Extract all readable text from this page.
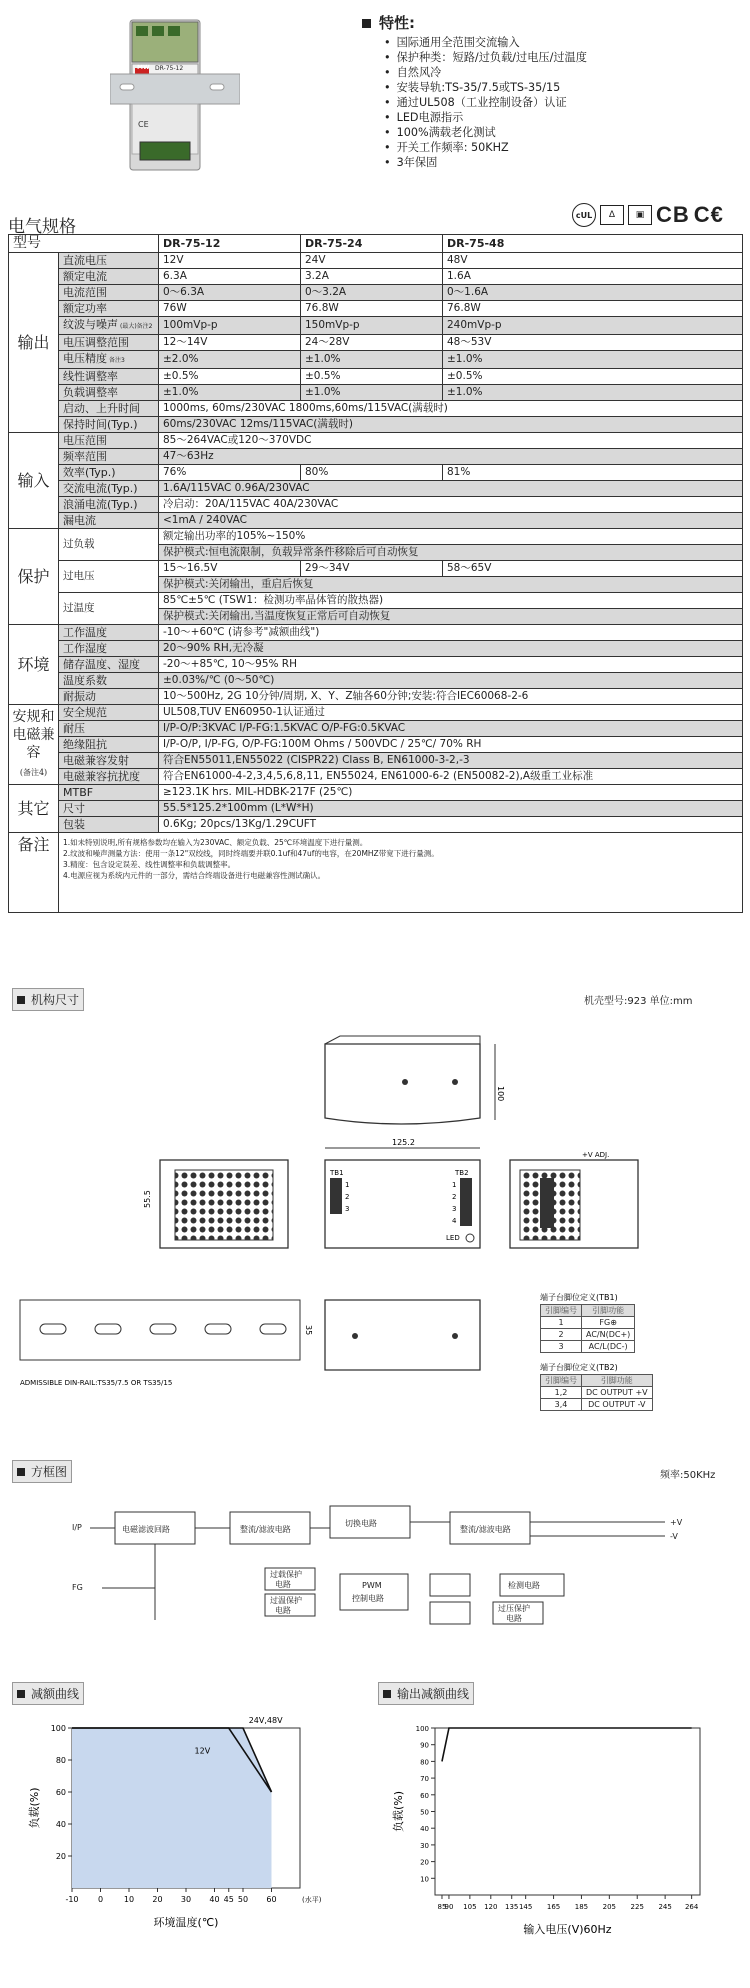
CE
MW DR-75-12
特性:
• 国际通用全范围交流输入
• 保护种类：短路/过负载/过电压/过温度
• 自然风冷
• 安装导轨:TS-35/7.5或TS-35/15
• 通过UL508（工业控制设备）认证
• LED电源指示
• 100%满载老化测试
• 开关工作频率: 50KHZ
• 3年保固
电气规格
cUL	Δ	▣ CB C€
型号		DR-75-12	DR-75-24	DR-75-48
输出	直流电压	12V	24V	48V
	额定电流	6.3A	3.2A	1.6A
	电流范围	0～6.3A	0～3.2A	0～1.6A
	额定功率	76W	76.8W	76.8W
	纹波与噪声 (最大)备注2	100mVp-p	150mVp-p	240mVp-p
	电压调整范围	12～14V	24～28V	48～53V
	电压精度 备注3	±2.0%	±1.0%	±1.0%
	线性调整率	±0.5%	±0.5%	±0.5%
	负载调整率	±1.0%	±1.0%	±1.0%
	启动、上升时间	1000ms, 60ms/230VAC 1800ms,60ms/115VAC(满载时)		
	保持时间(Typ.)	60ms/230VAC 12ms/115VAC(满载时)		
输入	电压范围	85～264VAC或120～370VDC		
	频率范围	47～63Hz		
	效率(Typ.)	76%	80%	81%
	交流电流(Typ.)	1.6A/115VAC 0.96A/230VAC		
	浪涌电流(Typ.)	冷启动：20A/115VAC 40A/230VAC		
	漏电流	<1mA / 240VAC		
保护	过负载	额定输出功率的105%~150%		
		保护模式:恒电流限制，负载异常条件移除后可自动恢复		
	过电压	15～16.5V	29～34V	58～65V
		保护模式:关闭输出，重启后恢复		
	过温度	85℃±5℃ (TSW1：检测功率晶体管的散热器)		
		保护模式:关闭输出,当温度恢复正常后可自动恢复		
环境	工作温度	-10～+60℃ (请参考"减额曲线")		
	工作湿度	20～90% RH,无冷凝		
	储存温度、湿度	-20～+85℃, 10～95% RH		
	温度系数	±0.03%/℃ (0～50℃)		
	耐振动	10～500Hz, 2G 10分钟/周期, X、Y、Z轴各60分钟;安装:符合IEC60068-2-6		
安规和电磁兼容
(备注4)	安全规范	UL508,TUV EN60950-1认证通过		
	耐压	I/P-O/P:3KVAC I/P-FG:1.5KVAC O/P-FG:0.5KVAC		
	绝缘阻抗	I/P-O/P, I/P-FG, O/P-FG:100M Ohms / 500VDC / 25℃/ 70% RH		
	电磁兼容发射	符合EN55011,EN55022 (CISPR22) Class B, EN61000-3-2,-3		
	电磁兼容抗扰度	符合EN61000-4-2,3,4,5,6,8,11, EN55024, EN61000-6-2 (EN50082-2),A级重工业标准		
其它	MTBF	≥123.1K hrs. MIL-HDBK-217F (25℃)		
	尺寸	55.5*125.2*100mm (L*W*H)		
	包装	0.6Kg; 20pcs/13Kg/1.29CUFT		
备注	1.如未特别说明,所有规格参数均在输入为230VAC、额定负载、25℃环境温度下进行量测。
2.纹波和噪声测量方法：使用一条12"双绞线，同时终端要并联0.1uf和47uf的电容，在20MHZ带宽下进行量测。
3.精度：包含设定误差、线性调整率和负载调整率。
4.电源应视为系统内元件的一部分，需结合终端设备进行电磁兼容性测试确认。			
机构尺寸	机壳型号:923 单位:mm
100
125.2
TB1	TB2
LED
1
2
3
1
2
3
4
55.5
+V ADJ.
35
ADMISSIBLE DIN-RAIL:TS35/7.5 OR TS35/15
端子台脚位定义(TB1)
端子台脚位定义(TB2)
引脚编号	引脚功能
1	FG⊕
2	AC/N(DC+)
3	AC/L(DC-)
引脚编号	引脚功能
1,2	DC OUTPUT +V
3,4	DC OUTPUT -V
方框图	频率:50KHz
I/P
FG
电磁滤波回路	整流/滤波电路
切换电路
整流/滤波电路
+V
-V
过载保护
电路
过温保护
电路
PWM
控制电路
检测电路
过压保护
电路
减额曲线	输出减额曲线
-10 0	10 20 30 40 45 50 60
100
80
60
40
20
24V,48V
12V
(水平)
环境温度(℃)
负载(%)
85
90 105 120 135 145 165 185 205 225 245 264
100
90
80
70
60
50
40
30
20
10
输入电压(V)60Hz
负载(%)
